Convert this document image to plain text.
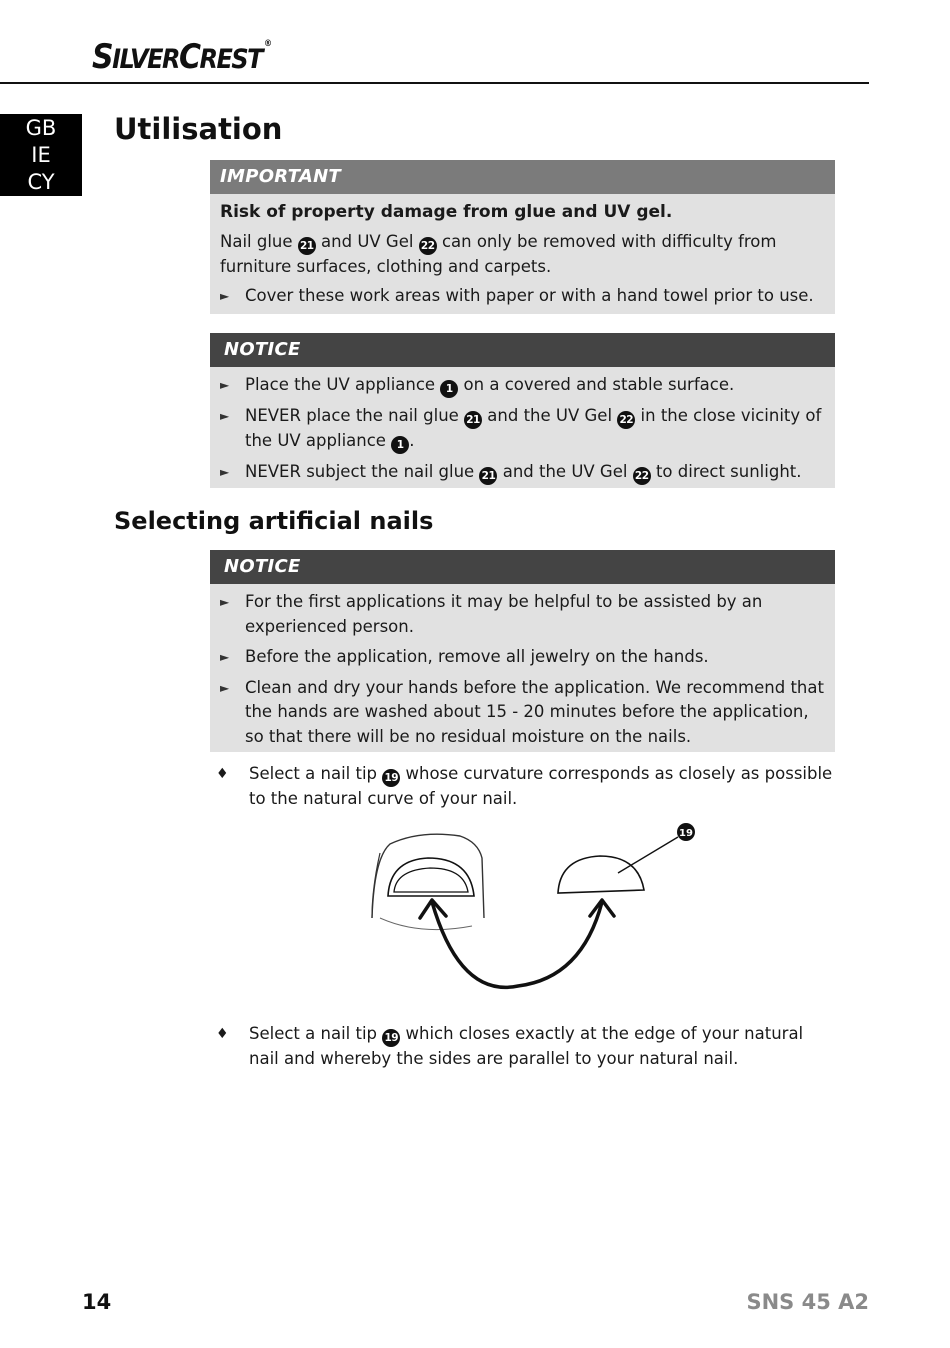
SILVERCREST®
GB
IE
CY
Utilisation
IMPORTANT

Risk of property damage from glue and UV gel.

Nail glue 21 and UV Gel 22 can only be removed with difficulty from furniture surfaces, clothing and carpets.

► Cover these work areas with paper or with a hand towel prior to use.
NOTICE
► Place the UV appliance 1 on a covered and stable surface.
► NEVER place the nail glue 21 and the UV Gel 22 in the close vicinity of the UV appliance 1 .
► NEVER subject the nail glue 21 and the UV Gel 22 to direct sunlight.
Selecting artificial nails
NOTICE
► For the first applications it may be helpful to be assisted by an experienced person.
► Before the application, remove all jewelry on the hands.
► Clean and dry your hands before the application. We recommend that the hands are washed about 15 - 20 minutes before the application, so that there will be no residual moisture on the nails.
♦ Select a nail tip 19 whose curvature corresponds as closely as possible to the natural curve of your nail.
19
♦ Select a nail tip 19 which closes exactly at the edge of your natural nail and whereby the sides are parallel to your natural nail.
14	SNS 45 A2
